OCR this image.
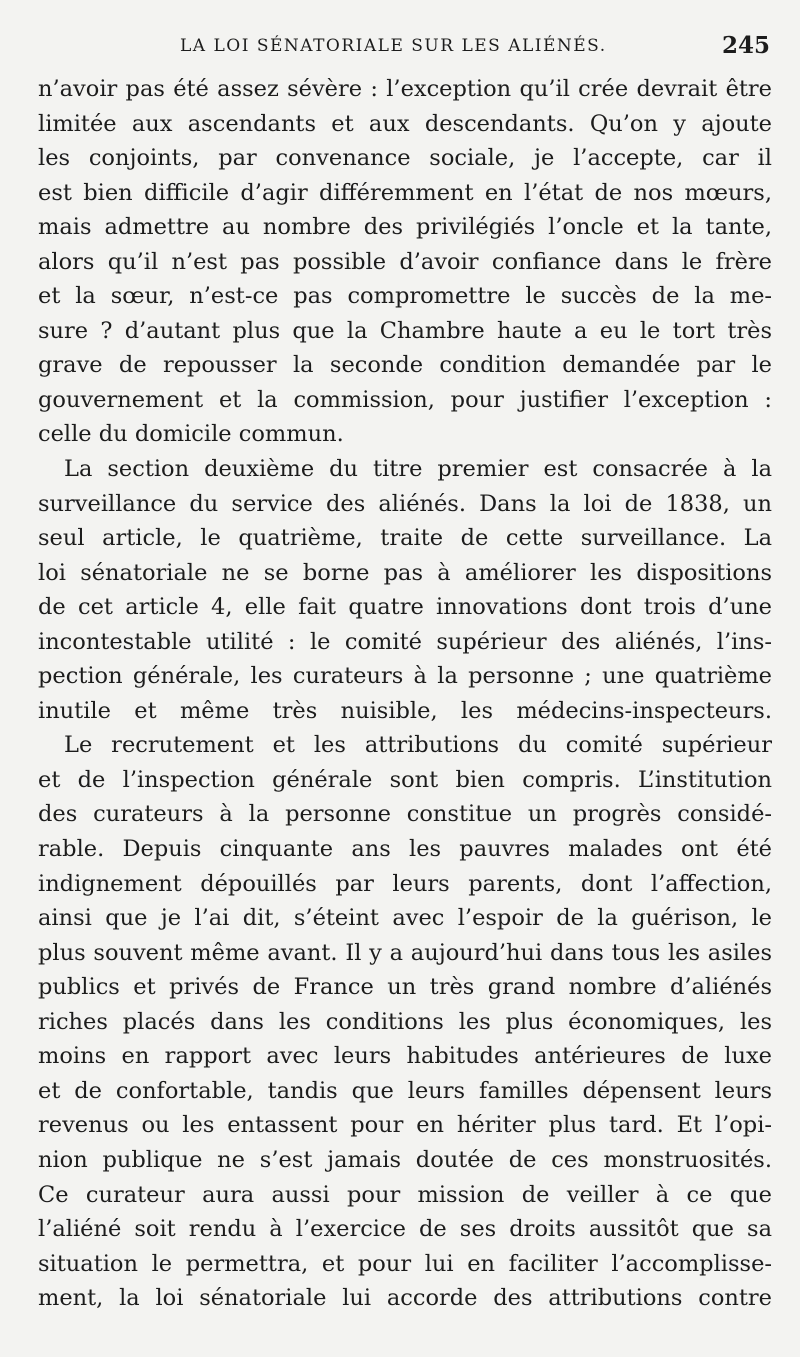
LA LOI SÉNATORIALE SUR LES ALIÉNÉS.	245
n’avoir pas été assez sévère : l’exception qu’il crée devrait être
limitée aux ascendants et aux descendants. Qu’on y ajoute
les conjoints, par convenance sociale, je l’accepte, car il
est bien difficile d’agir différemment en l’état de nos mœurs,
mais admettre au nombre des privilégiés l’oncle et la tante,
alors qu’il n’est pas possible d’avoir confiance dans le frère
et la sœur, n’est-ce pas compromettre le succès de la me-
sure ? d’autant plus que la Chambre haute a eu le tort très
grave de repousser la seconde condition demandée par le
gouvernement et la commission, pour justifier l’exception :
celle du domicile commun.
La section deuxième du titre premier est consacrée à la
surveillance du service des aliénés. Dans la loi de 1838, un
seul article, le quatrième, traite de cette surveillance. La
loi sénatoriale ne se borne pas à améliorer les dispositions
de cet article 4, elle fait quatre innovations dont trois d’une
incontestable utilité : le comité supérieur des aliénés, l’ins-
pection générale, les curateurs à la personne ; une quatrième
inutile et même très nuisible, les médecins-inspecteurs.
Le recrutement et les attributions du comité supérieur
et de l’inspection générale sont bien compris. L’institution
des curateurs à la personne constitue un progrès considé-
rable. Depuis cinquante ans les pauvres malades ont été
indignement dépouillés par leurs parents, dont l’affection,
ainsi que je l’ai dit, s’éteint avec l’espoir de la guérison, le
plus souvent même avant. Il y a aujourd’hui dans tous les asiles
publics et privés de France un très grand nombre d’aliénés
riches placés dans les conditions les plus économiques, les
moins en rapport avec leurs habitudes antérieures de luxe
et de confortable, tandis que leurs familles dépensent leurs
revenus ou les entassent pour en hériter plus tard. Et l’opi-
nion publique ne s’est jamais doutée de ces monstruosités.
Ce curateur aura aussi pour mission de veiller à ce que
l’aliéné soit rendu à l’exercice de ses droits aussitôt que sa
situation le permettra, et pour lui en faciliter l’accomplisse-
ment, la loi sénatoriale lui accorde des attributions contre
